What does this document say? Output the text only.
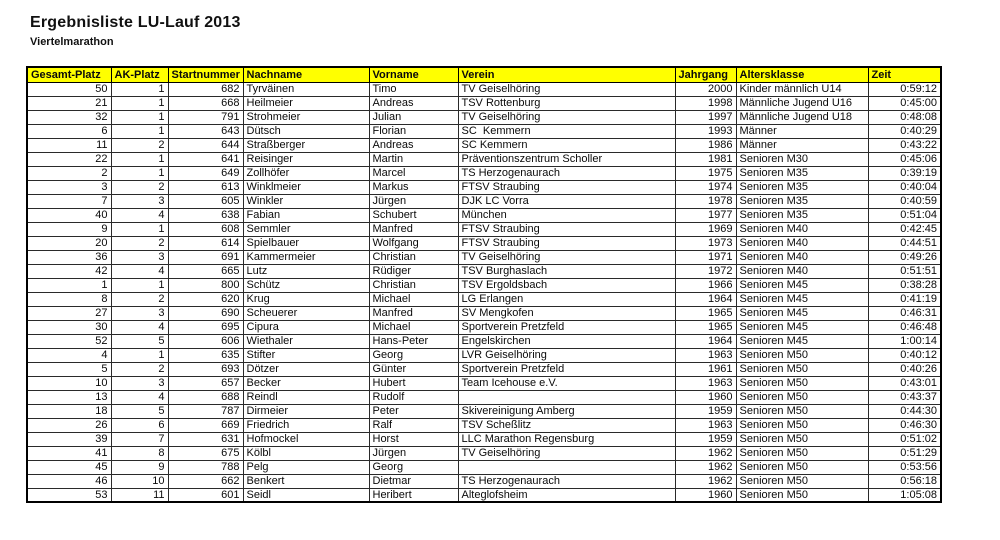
Ergebnisliste LU-Lauf 2013
Viertelmarathon
Gesamt-Platz	AK-Platz	Startnummer	Nachname	Vorname	Verein	Jahrgang	Altersklasse	Zeit
50	1	682	Tyrväinen	Timo	TV Geiselhöring	2000	Kinder männlich U14	0:59:12
21	1	668	Heilmeier	Andreas	TSV Rottenburg	1998	Männliche Jugend U16	0:45:00
32	1	791	Strohmeier	Julian	TV Geiselhöring	1997	Männliche Jugend U18	0:48:08
6	1	643	Dütsch	Florian	SC  Kemmern	1993	Männer	0:40:29
11	2	644	Straßberger	Andreas	SC Kemmern	1986	Männer	0:43:22
22	1	641	Reisinger	Martin	Präventionszentrum Scholler	1981	Senioren M30	0:45:06
2	1	649	Zollhöfer	Marcel	TS Herzogenaurach	1975	Senioren M35	0:39:19
3	2	613	Winklmeier	Markus	FTSV Straubing	1974	Senioren M35	0:40:04
7	3	605	Winkler	Jürgen	DJK LC Vorra	1978	Senioren M35	0:40:59
40	4	638	Fabian	Schubert	München	1977	Senioren M35	0:51:04
9	1	608	Semmler	Manfred	FTSV Straubing	1969	Senioren M40	0:42:45
20	2	614	Spielbauer	Wolfgang	FTSV Straubing	1973	Senioren M40	0:44:51
36	3	691	Kammermeier	Christian	TV Geiselhöring	1971	Senioren M40	0:49:26
42	4	665	Lutz	Rüdiger	TSV Burghaslach	1972	Senioren M40	0:51:51
1	1	800	Schütz	Christian	TSV Ergoldsbach	1966	Senioren M45	0:38:28
8	2	620	Krug	Michael	LG Erlangen	1964	Senioren M45	0:41:19
27	3	690	Scheuerer	Manfred	SV Mengkofen	1965	Senioren M45	0:46:31
30	4	695	Cipura	Michael	Sportverein Pretzfeld	1965	Senioren M45	0:46:48
52	5	606	Wiethaler	Hans-Peter	Engelskirchen	1964	Senioren M45	1:00:14
4	1	635	Stifter	Georg	LVR Geiselhöring	1963	Senioren M50	0:40:12
5	2	693	Dötzer	Günter	Sportverein Pretzfeld	1961	Senioren M50	0:40:26
10	3	657	Becker	Hubert	Team Icehouse e.V.	1963	Senioren M50	0:43:01
13	4	688	Reindl	Rudolf		1960	Senioren M50	0:43:37
18	5	787	Dirmeier	Peter	Skivereinigung Amberg	1959	Senioren M50	0:44:30
26	6	669	Friedrich	Ralf	TSV Scheßlitz	1963	Senioren M50	0:46:30
39	7	631	Hofmockel	Horst	LLC Marathon Regensburg	1959	Senioren M50	0:51:02
41	8	675	Kölbl	Jürgen	TV Geiselhöring	1962	Senioren M50	0:51:29
45	9	788	Pelg	Georg		1962	Senioren M50	0:53:56
46	10	662	Benkert	Dietmar	TS Herzogenaurach	1962	Senioren M50	0:56:18
53	11	601	Seidl	Heribert	Alteglofsheim	1960	Senioren M50	1:05:08
